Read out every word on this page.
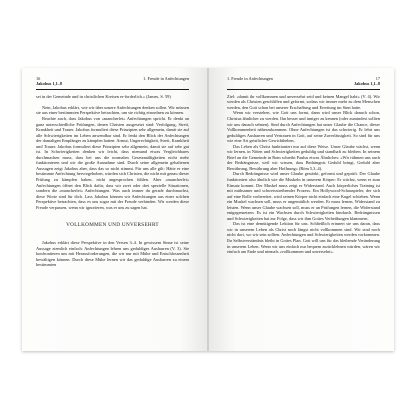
16
Jakobus 1,1–8
1. Freude in Anfechtungen

sei in der Gemeinde und in christlichen Kreisen er-forderlich.» (James, S. 59)

Nein, Jakobus erklärt, wie wir über unsere Anfechtungen denken sollen. Wir müssen sie aus einer bestimmten Perspektive betrachten, um sie richtig einordnen zu können.

Beachte auch, dass Jakobus von «mancherlei» Anfechtungen spricht. Er denkt an ganz unterschiedliche Prüfungen, denen Christen ausgesetzt sind: Verfolgung, Streit, Krankheit und Trauer. Jakobus formuliert diese Prinzipien sehr allgemein, damit sie auf alle Schwierigkeiten im Leben anwendbar sind. Er lenkt den Blick der Anfechtungen der damaligen Empfänger zu kämpfen hatten: Armut, Ungerechtigkeit, Streit, Krankheit und Trauer. Jakobus formuliert diese Prinzipien sehr allgemein, damit sie auf sehr gut ist. In Schwierigkeiten denken wir leicht, dass niemand etwas Vergleichbares durchmachen muss, dass bei uns die normalen Gesetzmäßigkeiten nicht mehr funktionieren und wir die große Ausnahme sind. Durch seine allgemein gehaltenen Aussagen zeigt Jakobus aber, dass das so nicht stimmt. Für uns alle gilt: Hätte er eine bestimmte Anfechtung hervorgehoben, würden sich Christen, die nicht mit genau dieser Prüfung zu kämpfen haben, nicht angesprochen fühlen. Aber «mancherlei» Anfechtungen öffnet den Blick dafür, dass wir zwei oder drei spezielle Situationen, sondern die «mancherlei» Anfechtungen. Was auch immer du gerade durchmachst, diese Worte sind für dich. Lass Jakobus können wir Anfechtungen aus einer solchen Perspektive betrachten, dass es uns sogar mit der Freude verbinden. Wir werden diese Freude verpassen, wenn wir ignorieren, was er uns zu sagen hat.

VOLLKOMMEN UND UNVERSEHRT

Jakobus erklärt diese Perspektive in den Versen 3–4. In gewissem Sinne ist seine Aussage ziemlich einfach: Anfechtungen lehren uns geduldiges Ausharren (V. 3). Sie konfrontieren uns mit Herausforderungen, die wir nur mit Mühe und Entschlossenheit bewältigen können. Durch diese Mühe lernen wir das geduldige Ausharren zu einem bestimmten

1. Freude in Anfechtungen	17
Jakobus 1,1–8

Ziel: «damit ihr vollkommen und unversehrt seid und keinen Mangel habt» (V. 4). Wir werden als Christen geschliffen und geformt, sodass wir immer mehr zu dem Menschen werden, den Gott schon bei unserer Erschaffung und Errettung im Sinn hatte.

Wenn wir verstehen, wie Gott uns formt, dann wird unser Blick danach schon, Christus ähnlicher zu werden. Ihn besser und inniger zu kennen (oder zumindest sollten wir uns danach sehnen). Sind durch Anfechtungen hat unser Glaube die Chance, dieser Vollkommenheit näherzukommen. Ohne Anfechtungen ist das schwierig. Er lehrt uns geduldiges Ausharren und Vertrauen in Gott, auf seine Zuverlässigkeit. So sind für uns wie eine Art geistlicher Gewichtheben.

Das Leben als Christ funktioniert nur auf diese Weise. Unser Glaube wächst, wenn wir lernen, in Nöten und Schwierigkeiten geduldig und standhaft zu bleiben. In seinem Brief an die Gemeinde in Rom schreibt Paulus etwas Ähnliches: «Wir rühmen uns auch der Bedrängnisse, weil wir wissen, dass Bedrängnis Geduld bringt, Geduld aber Bewährung, Bewährung aber Hoffnung» (Röm 5,3–4).

Durch Bedrängnisse wird unser Glaube gestärkt, geformt und geprüft. Der Glaube funktioniert also ähnlich wie die Muskeln in unserem Körper: Er wächst, wenn er zum Einsatz kommt. Der Muskel muss zeigt er Widerstand. Auch körperliches Training ist mit mühsamer und schweisstreibender Prozess. Ein Hollywood-Schauspieler, der sich auf eine Rolle vorbereitet, wird seinen Körper nicht einfach eine Kugel schieben. Wenn ein Muskel wachsen soll, muss er ungemütlich werden. Er muss lernen, Widerstand zu leisten. Wenn unser Glaube wachsen soll, muss er an Prüfungen lernen, die Widerstand entgegensetzen. Es ist ein Wachsen durch Schwierigkeiten hindurch. Bedrängnissen und Schwierigkeiten hat zur Folge, dass wir ihm Gottes Verheißungen klammern.

Das ist eine demütigende Lektion für uns. Schließlich erinnert sie uns daran, dass wir in unserem Leben als Christ noch längst nicht vollkommen sind. Wir sind noch nicht dort, wo wir sein sollten. Anfechtungen und Schwierigkeiten werden vorkommen. Ihr Selbstverständnis bleibt in Gottes Plan. Gott will uns für das bleibende Veränderung in unserem Leben. Wenn wir uns einfach nur bequem zurücklehnen würden, wären wir einfach am Ende und niemals «vollkommen und unversehrt».
